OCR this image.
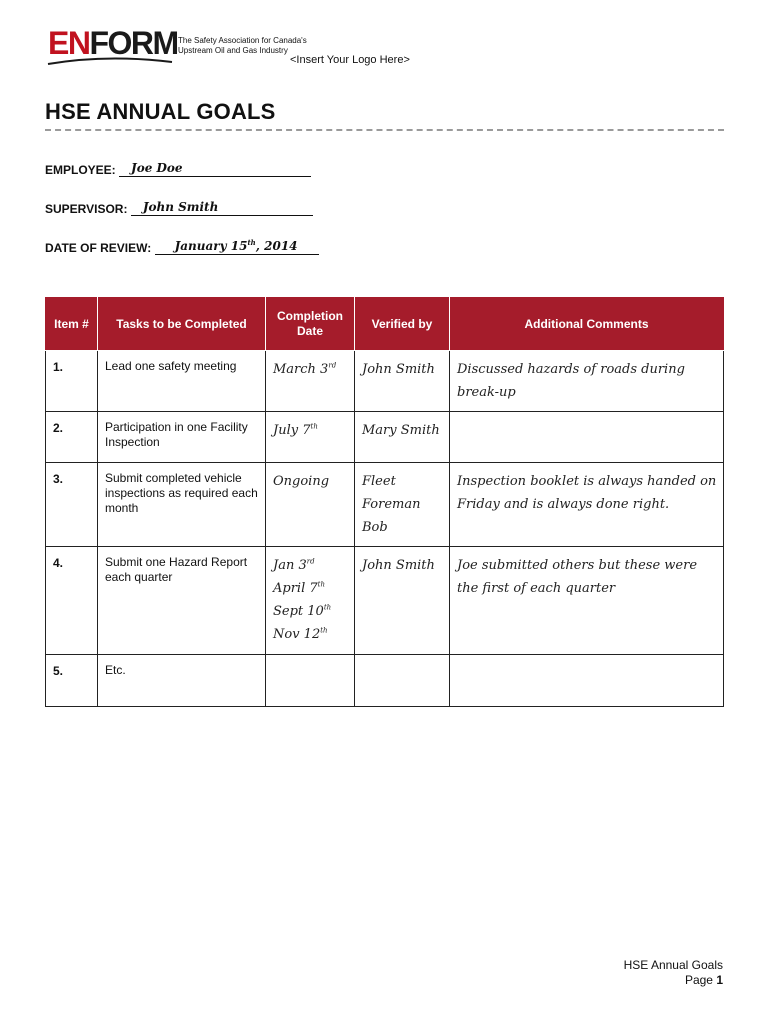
ENFORM The Safety Association for Canada's Upstream Oil and Gas Industry
<Insert Your Logo Here>
HSE ANNUAL GOALS
EMPLOYEE: Joe Doe
SUPERVISOR: John Smith
DATE OF REVIEW: January 15th, 2014
Item #	Tasks to be Completed	Completion Date	Verified by	Additional Comments
1.	Lead one safety meeting	March 3rd	John Smith	Discussed hazards of roads during break-up
2.	Participation in one Facility Inspection	July 7th	Mary Smith	
3.	Submit completed vehicle inspections as required each month	Ongoing	Fleet
Foreman
Bob	Inspection booklet is always handed on Friday and is always done right.
4.	Submit one Hazard Report each quarter	Jan 3rd
April 7th
Sept 10th
Nov 12th	John Smith	Joe submitted others but these were the first of each quarter
5.	Etc.			
HSE Annual Goals
Page 1
